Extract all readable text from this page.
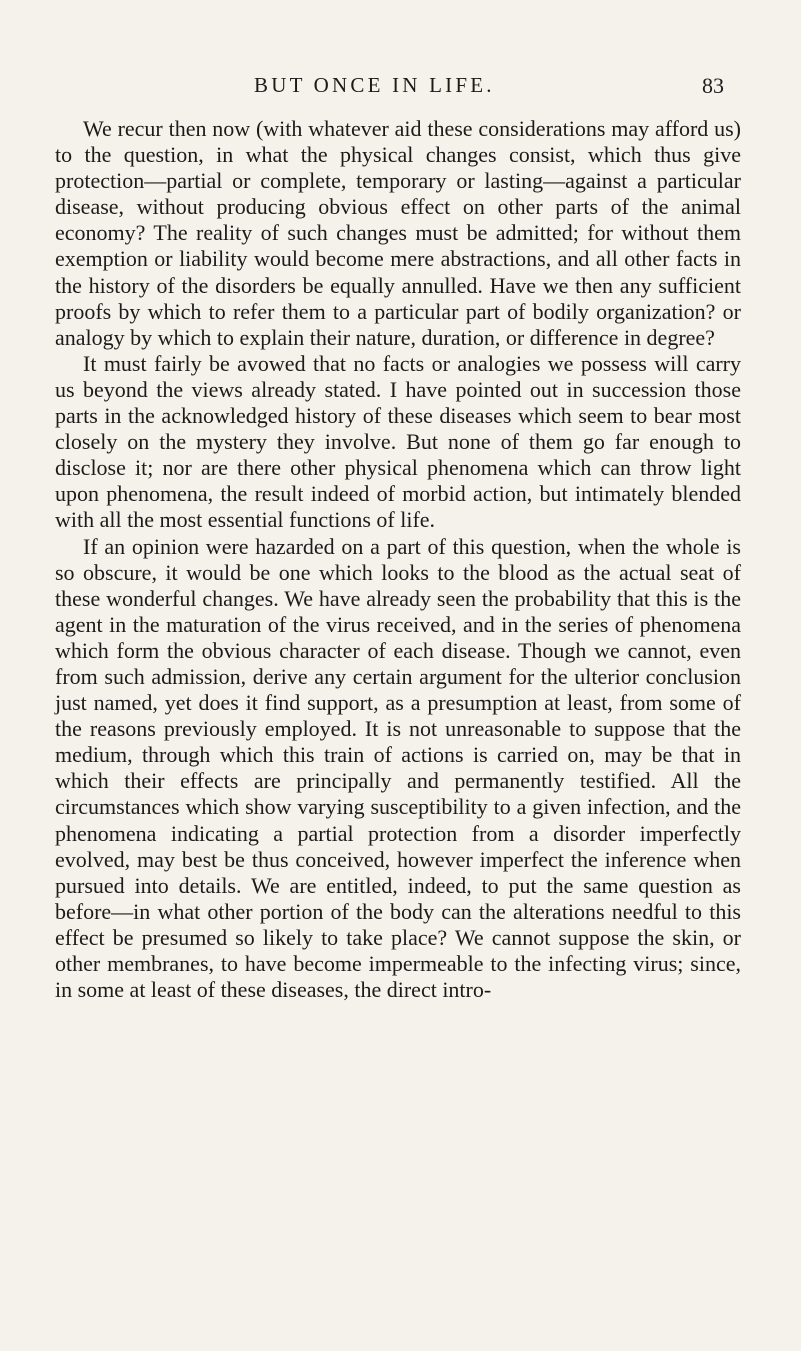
BUT ONCE IN LIFE.	83

We recur then now (with whatever aid these considerations may afford us) to the question, in what the physical changes consist, which thus give protection—partial or complete, temporary or lasting—against a particular disease, without producing obvious effect on other parts of the animal economy? The reality of such changes must be admitted; for without them exemption or liability would become mere abstractions, and all other facts in the history of the disorders be equally annulled. Have we then any sufficient proofs by which to refer them to a particular part of bodily organization? or analogy by which to explain their nature, duration, or difference in degree?

It must fairly be avowed that no facts or analogies we possess will carry us beyond the views already stated. I have pointed out in succession those parts in the acknowledged history of these diseases which seem to bear most closely on the mystery they involve. But none of them go far enough to disclose it; nor are there other physical phenomena which can throw light upon phenomena, the result indeed of morbid action, but intimately blended with all the most essential functions of life.

If an opinion were hazarded on a part of this question, when the whole is so obscure, it would be one which looks to the blood as the actual seat of these wonderful changes. We have already seen the probability that this is the agent in the maturation of the virus received, and in the series of phenomena which form the obvious character of each disease. Though we cannot, even from such admission, derive any certain argument for the ulterior conclusion just named, yet does it find support, as a presumption at least, from some of the reasons previously employed. It is not unreasonable to suppose that the medium, through which this train of actions is carried on, may be that in which their effects are principally and permanently testified. All the circumstances which show varying susceptibility to a given infection, and the phenomena indicating a partial protection from a disorder imperfectly evolved, may best be thus conceived, however imperfect the inference when pursued into details. We are entitled, indeed, to put the same question as before—in what other portion of the body can the alterations needful to this effect be presumed so likely to take place? We cannot suppose the skin, or other membranes, to have become impermeable to the infecting virus; since, in some at least of these diseases, the direct intro-
